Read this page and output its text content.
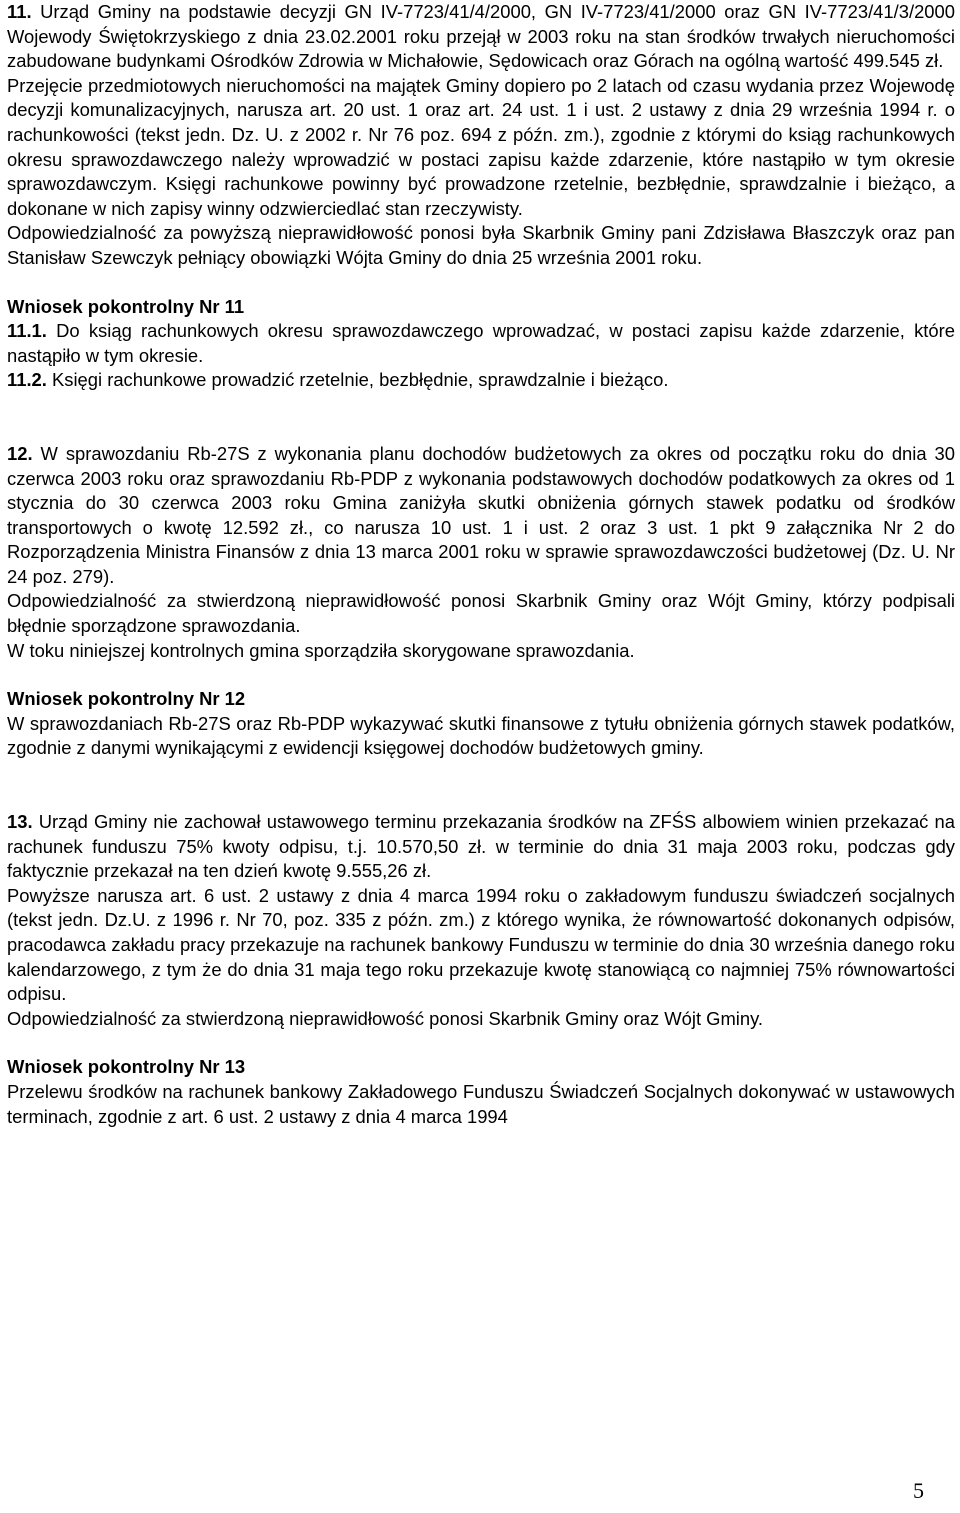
11. Urząd Gminy na podstawie decyzji GN IV-7723/41/4/2000, GN IV-7723/41/2000 oraz GN IV-7723/41/3/2000 Wojewody Świętokrzyskiego z dnia 23.02.2001 roku przejął w 2003 roku na stan środków trwałych nieruchomości zabudowane budynkami Ośrodków Zdrowia w Michałowie, Sędowicach oraz Górach na ogólną wartość 499.545 zł.

Przejęcie przedmiotowych nieruchomości na majątek Gminy dopiero po 2 latach od czasu wydania przez Wojewodę decyzji komunalizacyjnych, narusza art. 20 ust. 1 oraz art. 24 ust. 1 i ust. 2 ustawy z dnia 29 września 1994 r. o rachunkowości (tekst jedn. Dz. U. z 2002 r. Nr 76 poz. 694 z późn. zm.), zgodnie z którymi do ksiąg rachunkowych okresu sprawozdawczego należy wprowadzić w postaci zapisu każde zdarzenie, które nastąpiło w tym okresie sprawozdawczym. Księgi rachunkowe powinny być prowadzone rzetelnie, bezbłędnie, sprawdzalnie i bieżąco, a dokonane w nich zapisy winny odzwierciedlać stan rzeczywisty.

Odpowiedzialność za powyższą nieprawidłowość ponosi była Skarbnik Gminy pani Zdzisława Błaszczyk oraz pan Stanisław Szewczyk pełniący obowiązki Wójta Gminy do dnia 25 września 2001 roku.

Wniosek pokontrolny Nr 11

11.1. Do ksiąg rachunkowych okresu sprawozdawczego wprowadzać, w postaci zapisu każde zdarzenie, które nastąpiło w tym okresie.

11.2. Księgi rachunkowe prowadzić rzetelnie, bezbłędnie, sprawdzalnie i bieżąco.

12. W sprawozdaniu Rb-27S z wykonania planu dochodów budżetowych za okres od początku roku do dnia 30 czerwca 2003 roku oraz sprawozdaniu Rb-PDP z wykonania podstawowych dochodów podatkowych za okres od 1 stycznia do 30 czerwca 2003 roku Gmina zaniżyła skutki obniżenia górnych stawek podatku od środków transportowych o kwotę 12.592 zł., co narusza 10 ust. 1 i ust. 2 oraz 3 ust. 1 pkt 9 załącznika Nr 2 do Rozporządzenia Ministra Finansów z dnia 13 marca 2001 roku w sprawie sprawozdawczości budżetowej (Dz. U. Nr 24 poz. 279).

Odpowiedzialność za stwierdzoną nieprawidłowość ponosi Skarbnik Gminy oraz Wójt Gminy, którzy podpisali błędnie sporządzone sprawozdania.

W toku niniejszej kontrolnych gmina sporządziła skorygowane sprawozdania.

Wniosek pokontrolny Nr 12

W sprawozdaniach Rb-27S oraz Rb-PDP wykazywać skutki finansowe z tytułu obniżenia górnych stawek podatków, zgodnie z danymi wynikającymi z ewidencji księgowej dochodów budżetowych gminy.

13. Urząd Gminy nie zachował ustawowego terminu przekazania środków na ZFŚS albowiem winien przekazać na rachunek funduszu 75% kwoty odpisu, t.j. 10.570,50 zł. w terminie do dnia 31 maja 2003 roku, podczas gdy faktycznie przekazał na ten dzień kwotę 9.555,26 zł.

Powyższe narusza art. 6 ust. 2 ustawy z dnia 4 marca 1994 roku o zakładowym funduszu świadczeń socjalnych (tekst jedn. Dz.U. z 1996 r. Nr 70, poz. 335 z późn. zm.) z którego wynika, że równowartość dokonanych odpisów, pracodawca zakładu pracy przekazuje na rachunek bankowy Funduszu w terminie do dnia 30 września danego roku kalendarzowego, z tym że do dnia 31 maja tego roku przekazuje kwotę stanowiącą co najmniej 75% równowartości odpisu.

Odpowiedzialność za stwierdzoną nieprawidłowość ponosi Skarbnik Gminy oraz Wójt Gminy.

Wniosek pokontrolny Nr 13

Przelewu środków na rachunek bankowy Zakładowego Funduszu Świadczeń Socjalnych dokonywać w ustawowych terminach, zgodnie z art. 6 ust. 2 ustawy z dnia 4 marca 1994

5
